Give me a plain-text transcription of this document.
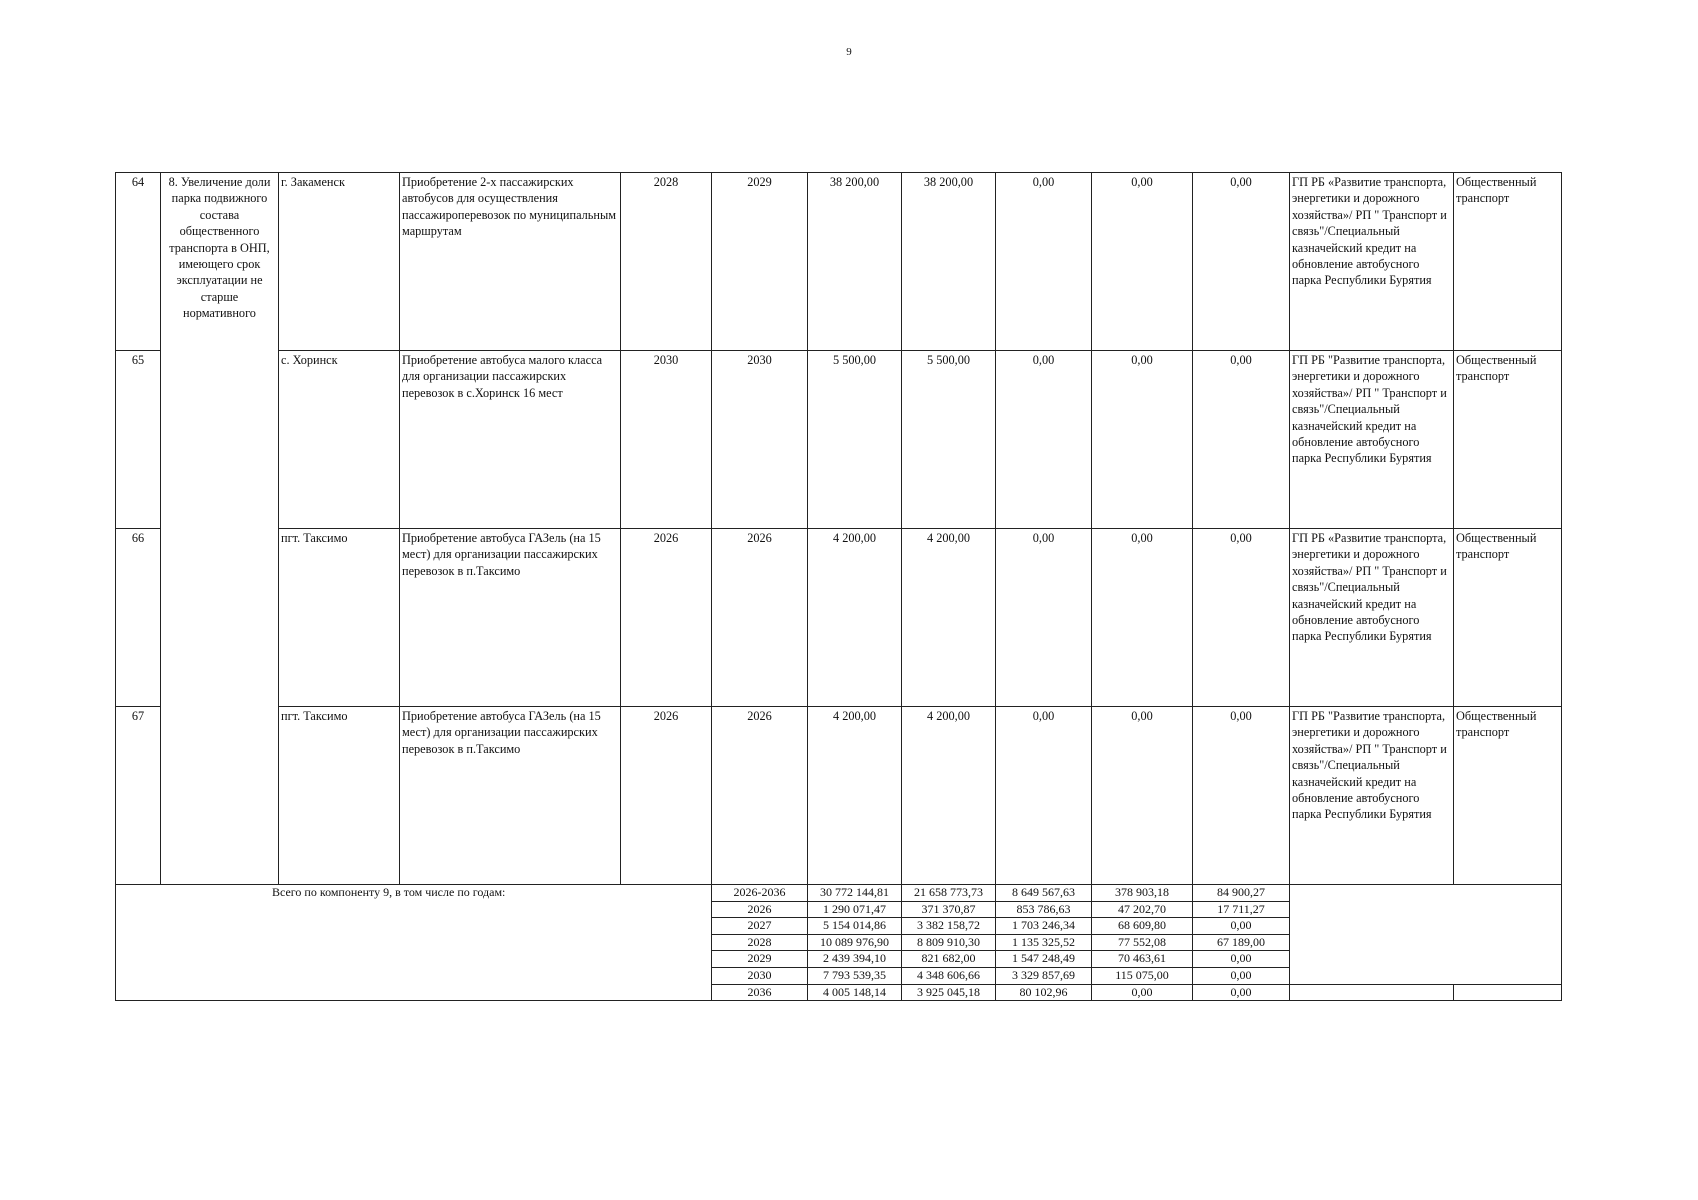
9
64	8. Увеличение доли парка подвижного состава общественного транспорта в ОНП, имеющего срок эксплуатации не старше нормативного	г. Закаменск	Приобретение 2-х пассажирских автобусов для осуществления пассажироперевозок по муниципальным маршрутам	2028	2029	38 200,00	38 200,00	0,00	0,00	0,00	ГП РБ «Развитие транспорта, энергетики и дорожного хозяйства»/ РП " Транспорт и связь"/Специальный казначейский кредит на обновление автобусного парка Республики Бурятия	Общественный транспорт
65		с. Хоринск	Приобретение автобуса малого класса для организации пассажирских перевозок в с.Хоринск 16 мест	2030	2030	5 500,00	5 500,00	0,00	0,00	0,00	ГП РБ "Развитие транспорта, энергетики и дорожного хозяйства»/ РП " Транспорт и связь"/Специальный казначейский кредит на обновление автобусного парка Республики Бурятия	Общественный транспорт
66		пгт. Таксимо	Приобретение автобуса ГАЗель (на 15 мест) для организации пассажирских перевозок в п.Таксимо	2026	2026	4 200,00	4 200,00	0,00	0,00	0,00	ГП РБ «Развитие транспорта, энергетики и дорожного хозяйства»/ РП " Транспорт и связь"/Специальный казначейский кредит на обновление автобусного парка Республики Бурятия	Общественный транспорт
67		пгт. Таксимо	Приобретение автобуса ГАЗель (на 15 мест) для организации пассажирских перевозок в п.Таксимо	2026	2026	4 200,00	4 200,00	0,00	0,00	0,00	ГП РБ "Развитие транспорта, энергетики и дорожного хозяйства»/ РП " Транспорт и связь"/Специальный казначейский кредит на обновление автобусного парка Республики Бурятия	Общественный транспорт
Всего по компоненту 9, в том числе по годам:					2026-2036	30 772 144,81	21 658 773,73	8 649 567,63	378 903,18	84 900,27		
					2026	1 290 071,47	371 370,87	853 786,63	47 202,70	17 711,27		
					2027	5 154 014,86	3 382 158,72	1 703 246,34	68 609,80	0,00		
					2028	10 089 976,90	8 809 910,30	1 135 325,52	77 552,08	67 189,00		
					2029	2 439 394,10	821 682,00	1 547 248,49	70 463,61	0,00		
					2030	7 793 539,35	4 348 606,66	3 329 857,69	115 075,00	0,00		
					2036	4 005 148,14	3 925 045,18	80 102,96	0,00	0,00		
